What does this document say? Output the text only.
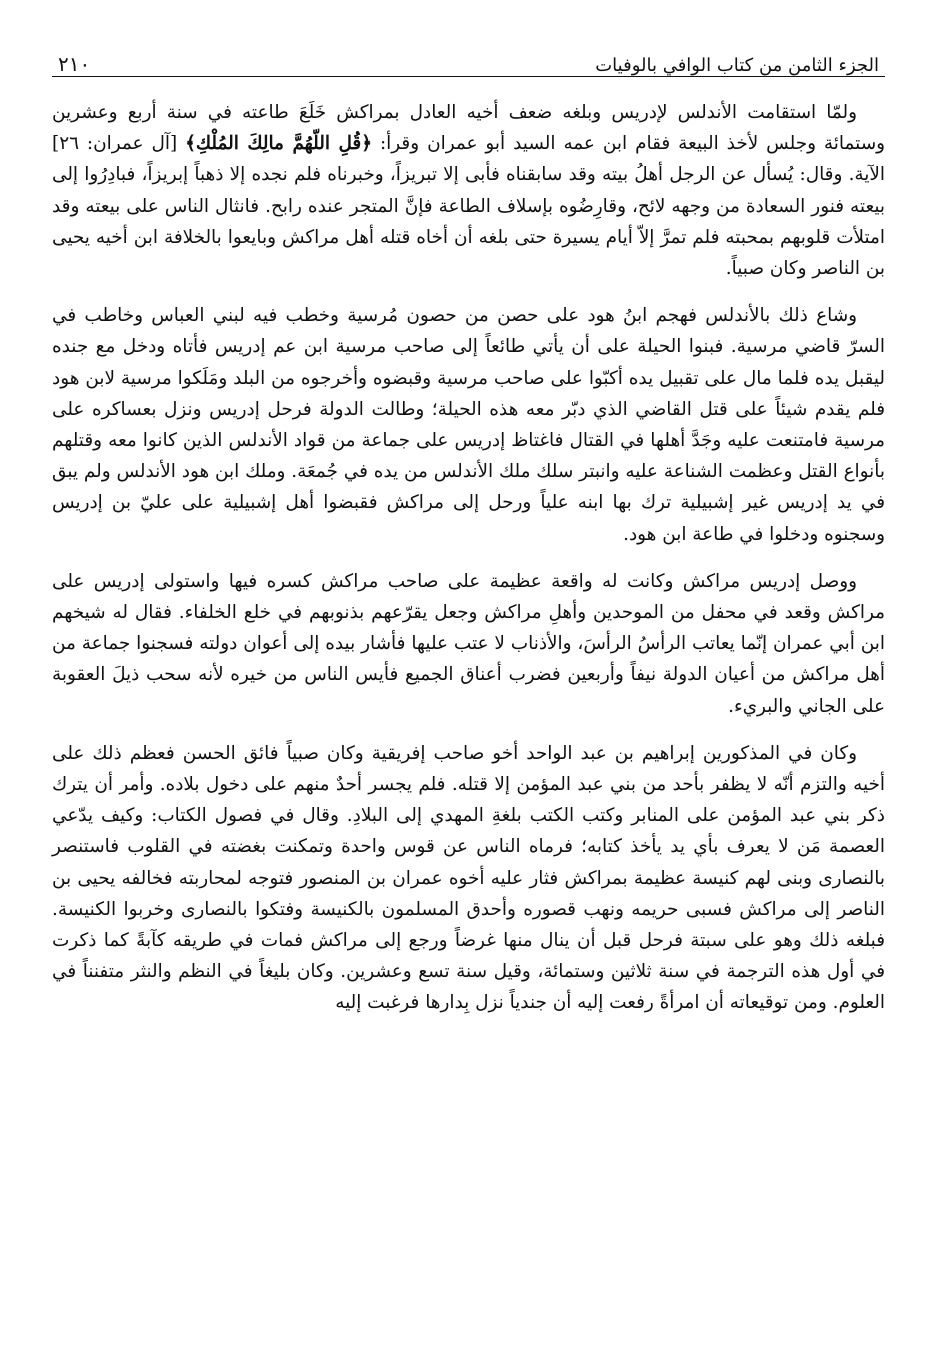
الجزء الثامن من كتاب الوافي بالوفيات
٢١٠

ولمّا استقامت الأندلس لإدريس وبلغه ضعف أخيه العادل بمراكش خَلَعَ طاعته في سنة أربع وعشرين وستمائة وجلس لأخذ البيعة فقام ابن عمه السيد أبو عمران وقرأ: ﴿قُلِ اللّهُمَّ مالِكَ المُلْكِ﴾ [آل عمران: ٢٦] الآية. وقال: يُسأل عن الرجل أهلُ بيته وقد سابقناه فأبى إلا تبريزاً، وخبرناه فلم نجده إلا ذهباً إبريزاً، فبادِرُوا إلى بيعته فنور السعادة من وجهه لائح، وقارِضُوه بإسلاف الطاعة فإنَّ المتجر عنده رابح. فانثال الناس على بيعته وقد امتلأت قلوبهم بمحبته فلم تمرَّ إلاّ أيام يسيرة حتى بلغه أن أخاه قتله أهل مراكش وبايعوا بالخلافة ابن أخيه يحيى بن الناصر وكان صبياً.

وشاع ذلك بالأندلس فهجم ابنُ هود على حصن من حصون مُرسية وخطب فيه لبني العباس وخاطب في السرّ قاضي مرسية. فبنوا الحيلة على أن يأتي طائعاً إلى صاحب مرسية ابن عم إدريس فأتاه ودخل مع جنده ليقبل يده فلما مال على تقبيل يده أكبّوا على صاحب مرسية وقبضوه وأخرجوه من البلد ومَلَكوا مرسية لابن هود فلم يقدم شيئاً على قتل القاضي الذي دبّر معه هذه الحيلة؛ وطالت الدولة فرحل إدريس ونزل بعساكره على مرسية فامتنعت عليه وجَدَّ أهلها في القتال فاغتاظ إدريس على جماعة من قواد الأندلس الذين كانوا معه وقتلهم بأنواع القتل وعظمت الشناعة عليه وانبتر سلك ملك الأندلس من يده في جُمعَة. وملك ابن هود الأندلس ولم يبق في يد إدريس غير إشبيلية ترك بها ابنه علياً ورحل إلى مراكش فقبضوا أهل إشبيلية على عليّ بن إدريس وسجنوه ودخلوا في طاعة ابن هود.

ووصل إدريس مراكش وكانت له واقعة عظيمة على صاحب مراكش كسره فيها واستولى إدريس على مراكش وقعد في محفل من الموحدين وأهلِ مراكش وجعل يقرّعهم بذنوبهم في خلع الخلفاء. فقال له شيخهم ابن أبي عمران إنّما يعاتب الرأسُ الرأسَ، والأذناب لا عتب عليها فأشار بيده إلى أعوان دولته فسجنوا جماعة من أهل مراكش من أعيان الدولة نيفاً وأربعين فضرب أعناق الجميع فأيس الناس من خيره لأنه سحب ذيلَ العقوبة على الجاني والبريء.

وكان في المذكورين إبراهيم بن عبد الواحد أخو صاحب إفريقية وكان صبياً فائق الحسن فعظم ذلك على أخيه والتزم أنّه لا يظفر بأحد من بني عبد المؤمن إلا قتله. فلم يجسر أحدٌ منهم على دخول بلاده. وأمر أن يترك ذكر بني عبد المؤمن على المنابر وكتب الكتب بلغةِ المهدي إلى البلادِ. وقال في فصول الكتاب: وكيف يدّعي العصمة مَن لا يعرف بأي يد يأخذ كتابه؛ فرماه الناس عن قوس واحدة وتمكنت بغضته في القلوب فاستنصر بالنصارى وبنى لهم كنيسة عظيمة بمراكش فثار عليه أخوه عمران بن المنصور فتوجه لمحاربته فخالفه يحيى بن الناصر إلى مراكش فسبى حريمه ونهب قصوره وأحدق المسلمون بالكنيسة وفتكوا بالنصارى وخربوا الكنيسة. فبلغه ذلك وهو على سبتة فرحل قبل أن ينال منها غرضاً ورجع إلى مراكش فمات في طريقه كآبةً كما ذكرت في أول هذه الترجمة في سنة ثلاثين وستمائة، وقيل سنة تسع وعشرين. وكان بليغاً في النظم والنثر متفنناً في العلوم. ومن توقيعاته أن امرأةً رفعت إليه أن جندياً نزل بِدارها فرغبت إليه
